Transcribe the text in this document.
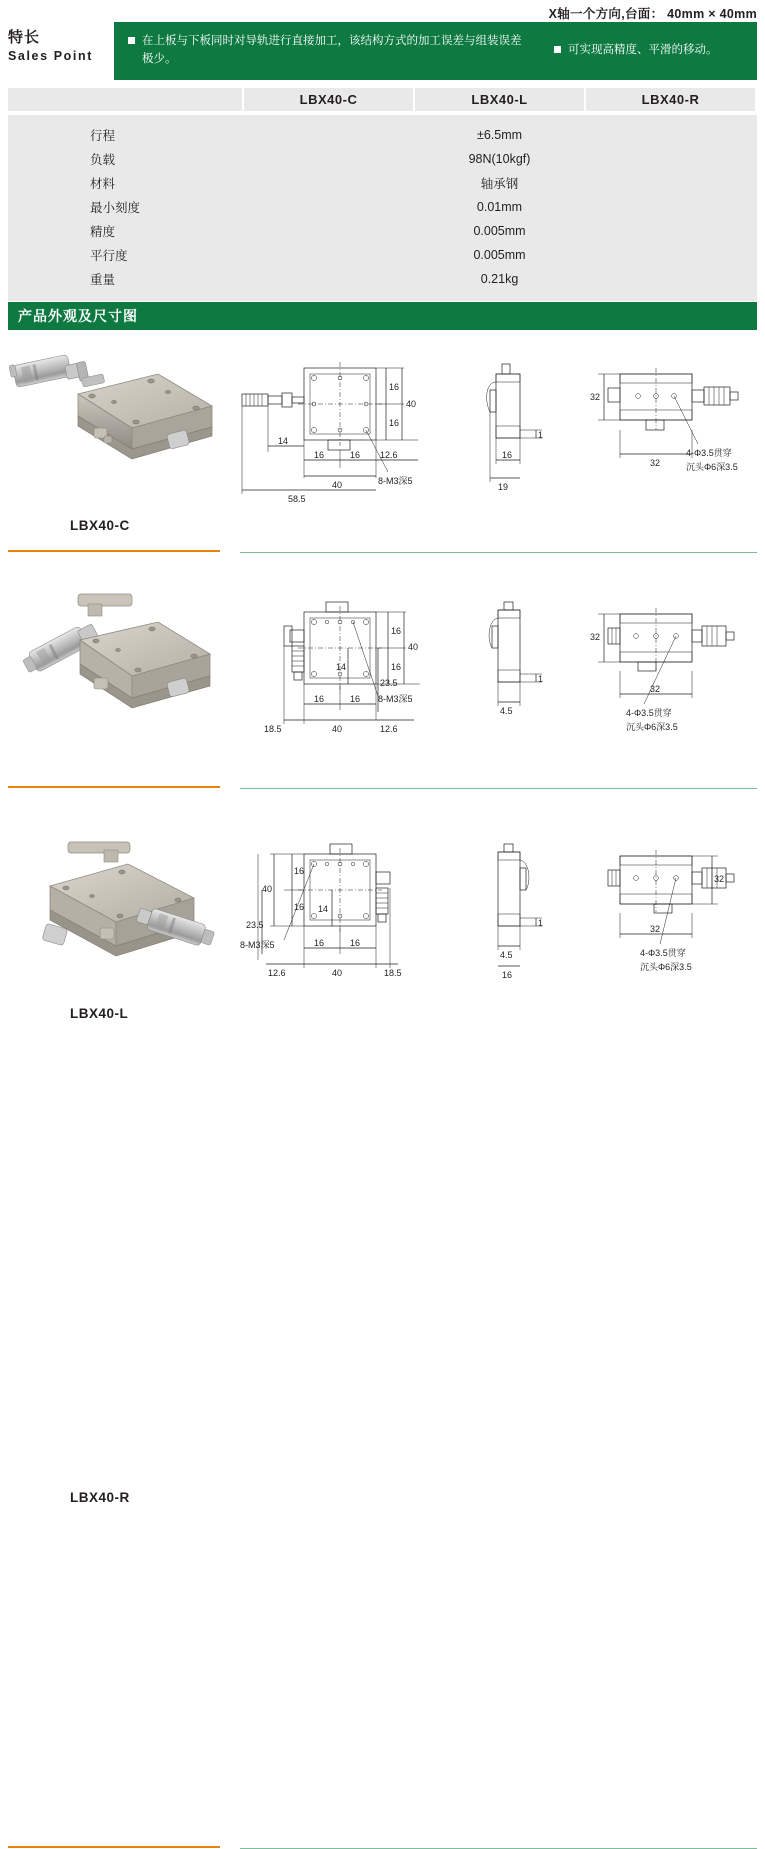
X轴一个方向,台面： 40mm × 40mm
特长
Sales Point
在上板与下板同时对导轨进行直接加工，该结构方式的加工误差与组装误差极少。
可实现高精度、平滑的移动。
LBX40-C	LBX40-L	LBX40-R
行程	±6.5mm
负载	98N(10kgf)
材料	轴承钢
最小刻度	0.01mm
精度	0.005mm
平行度	0.005mm
重量	0.21kg
产品外观及尺寸图
16
16
40
16	16
40
14
58.5
12.6
8-M3深5
1
16
19
32
32
4-Φ3.5贯穿
沉头Φ6深3.5
LBX40-C
16
16
40
14
23.5
16	16
40
18.5	12.6
8-M3深5
1
4.5
32
32
4-Φ3.5贯穿
沉头Φ6深3.5
LBX40-L
40
16
16
23.5
14
16	16
40
12.6	18.5
8-M3深5
1
4.5
16
32
32
4-Φ3.5贯穿
沉头Φ6深3.5
LBX40-R
